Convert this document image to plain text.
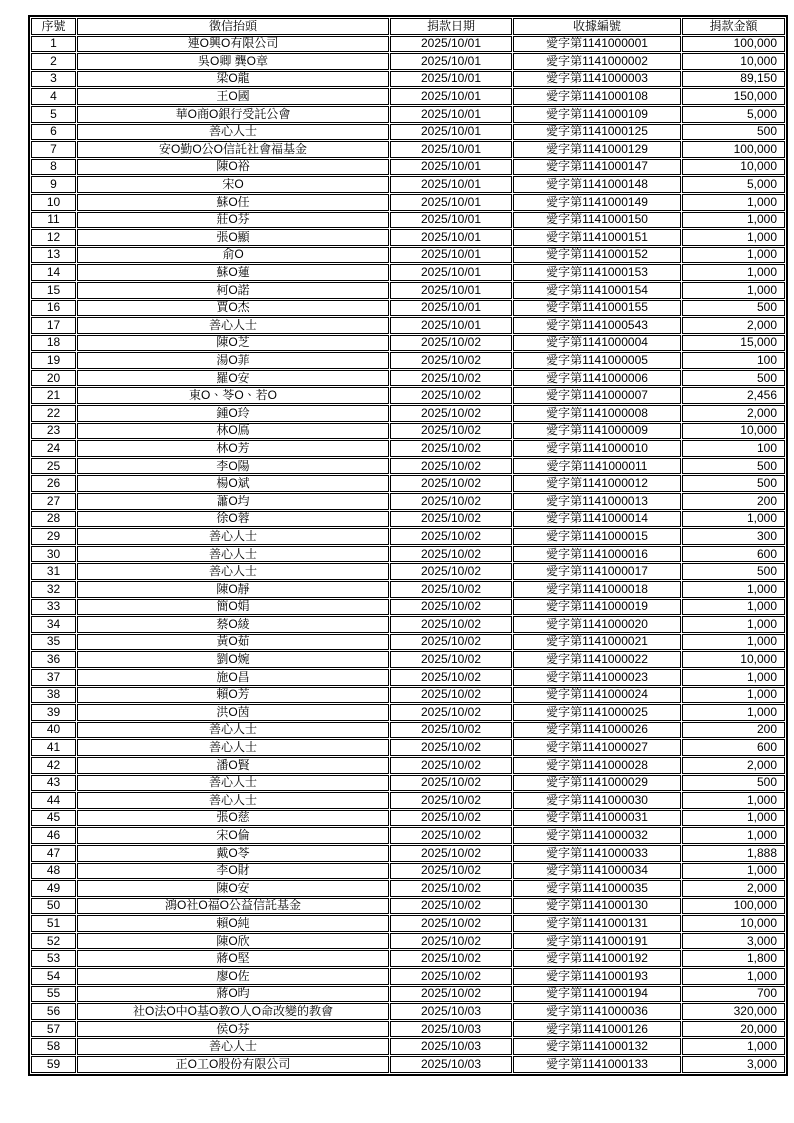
序號	徵信抬頭	捐款日期	收據編號	捐款金額
1	連O興O有限公司	2025/10/01	愛字第1141000001	100,000
2	吳O卿 龔O章	2025/10/01	愛字第1141000002	10,000
3	梁O龍	2025/10/01	愛字第1141000003	89,150
4	王O國	2025/10/01	愛字第1141000108	150,000
5	華O商O銀行受託公會	2025/10/01	愛字第1141000109	5,000
6	善心人士	2025/10/01	愛字第1141000125	500
7	安O勤O公O信託社會福基金	2025/10/01	愛字第1141000129	100,000
8	陳O裕	2025/10/01	愛字第1141000147	10,000
9	宋O	2025/10/01	愛字第1141000148	5,000
10	蘇O任	2025/10/01	愛字第1141000149	1,000
11	莊O芬	2025/10/01	愛字第1141000150	1,000
12	張O顯	2025/10/01	愛字第1141000151	1,000
13	俞O	2025/10/01	愛字第1141000152	1,000
14	蘇O蓮	2025/10/01	愛字第1141000153	1,000
15	柯O諾	2025/10/01	愛字第1141000154	1,000
16	賈O杰	2025/10/01	愛字第1141000155	500
17	善心人士	2025/10/01	愛字第1141000543	2,000
18	陳O芝	2025/10/02	愛字第1141000004	15,000
19	湯O菲	2025/10/02	愛字第1141000005	100
20	羅O安	2025/10/02	愛字第1141000006	500
21	東O、苓O、若O	2025/10/02	愛字第1141000007	2,456
22	鍾O玲	2025/10/02	愛字第1141000008	2,000
23	林O鳫	2025/10/02	愛字第1141000009	10,000
24	林O芳	2025/10/02	愛字第1141000010	100
25	李O陽	2025/10/02	愛字第1141000011	500
26	楊O斌	2025/10/02	愛字第1141000012	500
27	蕭O均	2025/10/02	愛字第1141000013	200
28	徐O蓉	2025/10/02	愛字第1141000014	1,000
29	善心人士	2025/10/02	愛字第1141000015	300
30	善心人士	2025/10/02	愛字第1141000016	600
31	善心人士	2025/10/02	愛字第1141000017	500
32	陳O靜	2025/10/02	愛字第1141000018	1,000
33	簡O娟	2025/10/02	愛字第1141000019	1,000
34	蔡O綾	2025/10/02	愛字第1141000020	1,000
35	黃O茹	2025/10/02	愛字第1141000021	1,000
36	劉O婉	2025/10/02	愛字第1141000022	10,000
37	施O昌	2025/10/02	愛字第1141000023	1,000
38	賴O芳	2025/10/02	愛字第1141000024	1,000
39	洪O茵	2025/10/02	愛字第1141000025	1,000
40	善心人士	2025/10/02	愛字第1141000026	200
41	善心人士	2025/10/02	愛字第1141000027	600
42	潘O賢	2025/10/02	愛字第1141000028	2,000
43	善心人士	2025/10/02	愛字第1141000029	500
44	善心人士	2025/10/02	愛字第1141000030	1,000
45	張O慈	2025/10/02	愛字第1141000031	1,000
46	宋O倫	2025/10/02	愛字第1141000032	1,000
47	戴O苓	2025/10/02	愛字第1141000033	1,888
48	李O財	2025/10/02	愛字第1141000034	1,000
49	陳O安	2025/10/02	愛字第1141000035	2,000
50	鴻O社O福O公益信託基金	2025/10/02	愛字第1141000130	100,000
51	賴O純	2025/10/02	愛字第1141000131	10,000
52	陳O欣	2025/10/02	愛字第1141000191	3,000
53	蔣O堅	2025/10/02	愛字第1141000192	1,800
54	廖O佐	2025/10/02	愛字第1141000193	1,000
55	蔣O昀	2025/10/02	愛字第1141000194	700
56	社O法O中O基O教O人O命改變的教會	2025/10/03	愛字第1141000036	320,000
57	侯O芬	2025/10/03	愛字第1141000126	20,000
58	善心人士	2025/10/03	愛字第1141000132	1,000
59	正O工O股份有限公司	2025/10/03	愛字第1141000133	3,000
